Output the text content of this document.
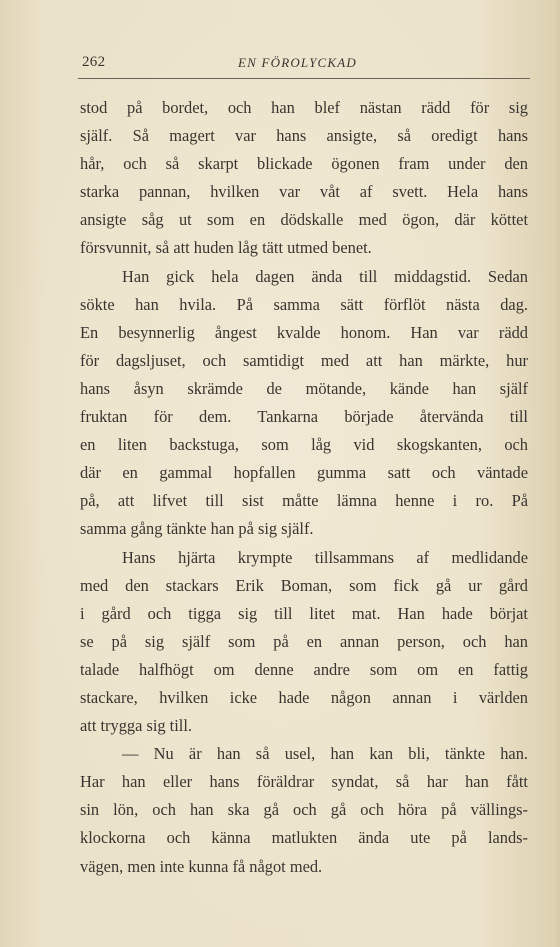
262	EN FÖROLYCKAD
stod på bordet, och han blef nästan rädd för sig
själf. Så magert var hans ansigte, så oredigt hans
hår, och så skarpt blickade ögonen fram under den
starka pannan, hvilken var våt af svett. Hela hans
ansigte såg ut som en dödskalle med ögon, där köttet
försvunnit, så att huden låg tätt utmed benet.
Han gick hela dagen ända till middagstid. Sedan
sökte han hvila. På samma sätt förflöt nästa dag.
En besynnerlig ångest kvalde honom. Han var rädd
för dagsljuset, och samtidigt med att han märkte, hur
hans åsyn skrämde de mötande, kände han själf
fruktan för dem. Tankarna började återvända till
en liten backstuga, som låg vid skogskanten, och
där en gammal hopfallen gumma satt och väntade
på, att lifvet till sist måtte lämna henne i ro. På
samma gång tänkte han på sig själf.
Hans hjärta krympte tillsammans af medlidande
med den stackars Erik Boman, som fick gå ur gård
i gård och tigga sig till litet mat. Han hade börjat
se på sig själf som på en annan person, och han
talade halfhögt om denne andre som om en fattig
stackare, hvilken icke hade någon annan i världen
att trygga sig till.
— Nu är han så usel, han kan bli, tänkte han.
Har han eller hans föräldrar syndat, så har han fått
sin lön, och han ska gå och gå och höra på vällings-
klockorna och känna matlukten ända ute på lands-
vägen, men inte kunna få något med.
